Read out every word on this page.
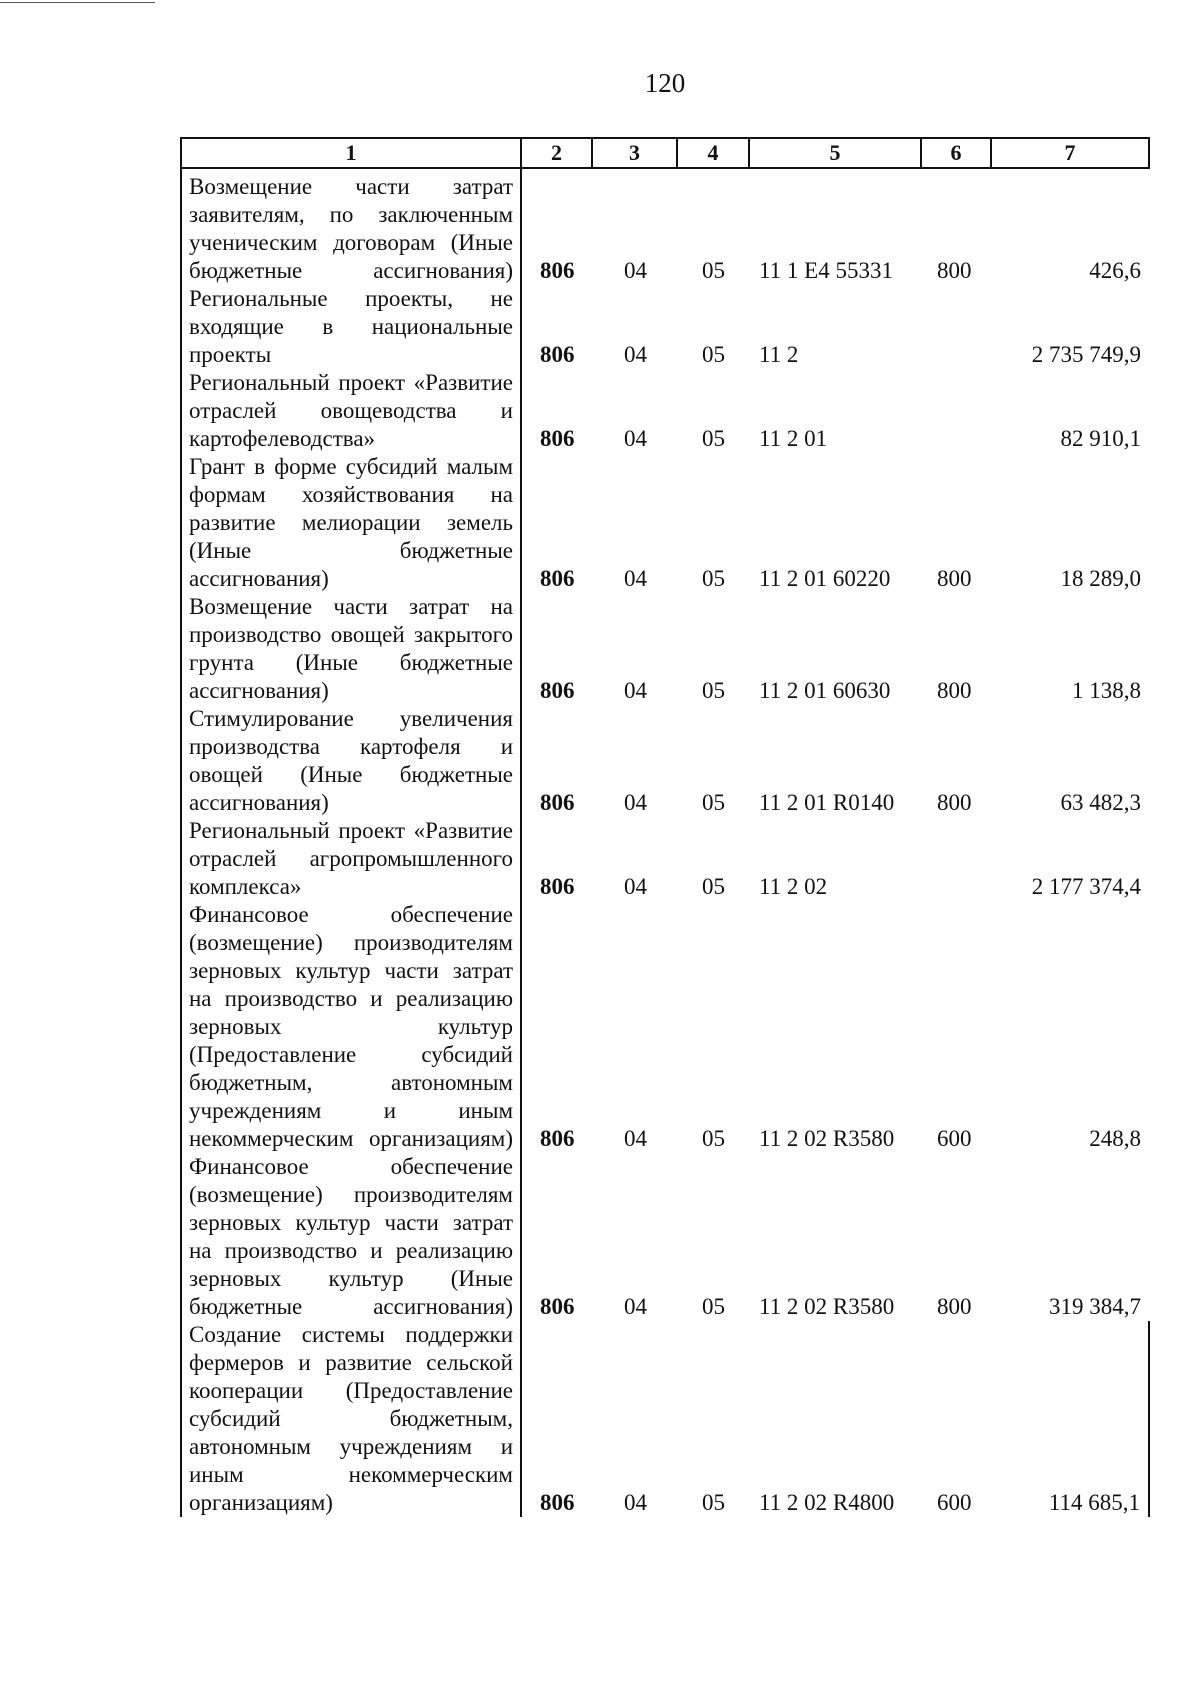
120
1	2	3	4	5	6	7
Возмещение части затрат заявителям, по заключенным ученическим договорам (Иные бюджетные ассигнования)	806	04	05	11 1 Е4 55331	800	426,6
Региональные проекты, не входящие в национальные проекты	806	04	05	11 2		2 735 749,9
Региональный проект «Развитие отраслей овощеводства и картофелеводства»	806	04	05	11 2 01		82 910,1
Грант в форме субсидий малым формам хозяйствования на развитие мелиорации земель (Иные бюджетные ассигнования)	806	04	05	11 2 01 60220	800	18 289,0
Возмещение части затрат на производство овощей закрытого грунта (Иные бюджетные ассигнования)	806	04	05	11 2 01 60630	800	1 138,8
Стимулирование увеличения производства картофеля и овощей (Иные бюджетные ассигнования)	806	04	05	11 2 01 R0140	800	63 482,3
Региональный проект «Развитие отраслей агропромышленного комплекса»	806	04	05	11 2 02		2 177 374,4
Финансовое обеспечение (возмещение) производителям зерновых культур части затрат на производство и реализацию зерновых культур (Предоставление субсидий бюджетным, автономным учреждениям и иным некоммерческим организациям)	806	04	05	11 2 02 R3580	600	248,8
Финансовое обеспечение (возмещение) производителям зерновых культур части затрат на производство и реализацию зерновых культур (Иные бюджетные ассигнования)	806	04	05	11 2 02 R3580	800	319 384,7
Создание системы поддержки фермеров и развитие сельской кооперации (Предоставление субсидий бюджетным, автономным учреждениям и иным некоммерческим организациям)	806	04	05	11 2 02 R4800	600	114 685,1
